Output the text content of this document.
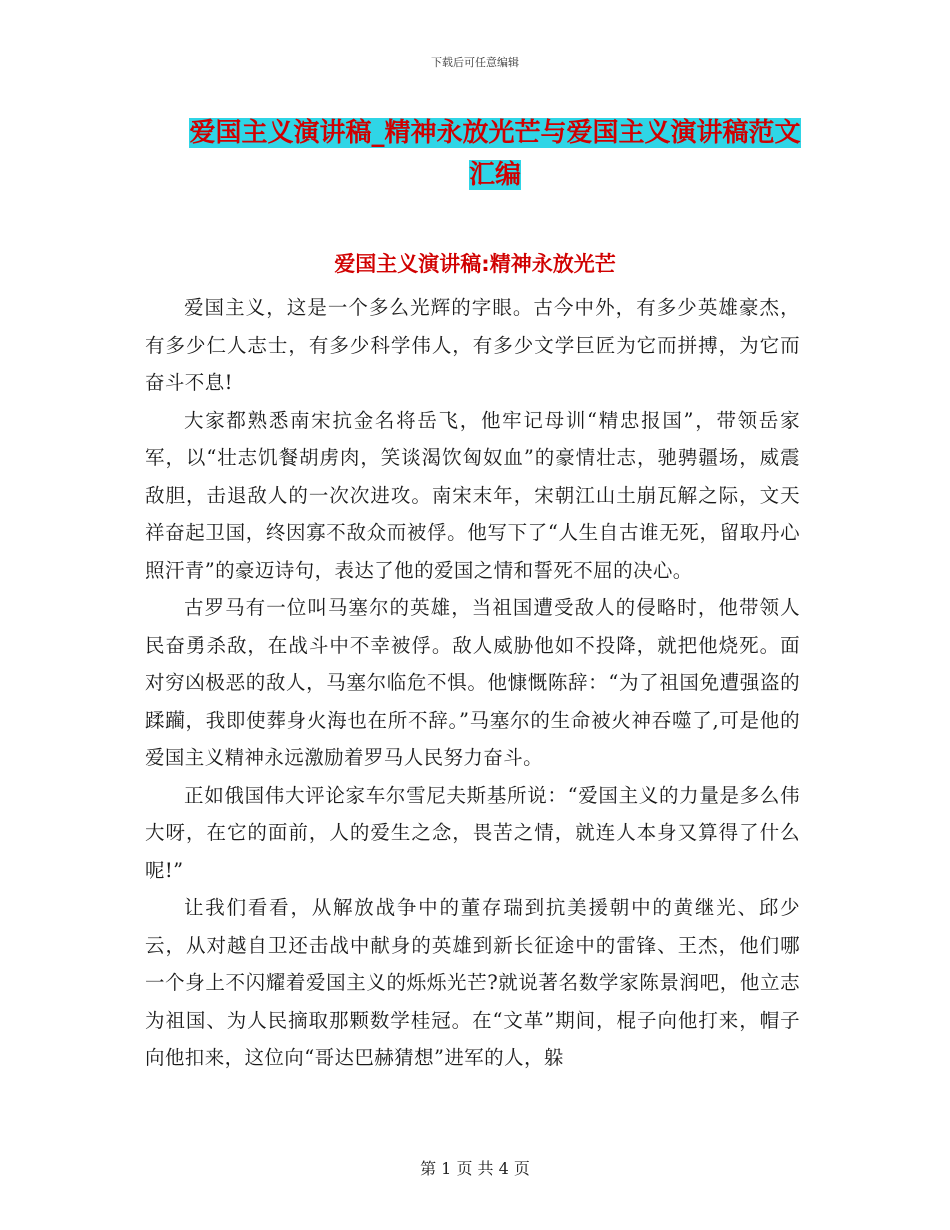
下载后可任意编辑
爱国主义演讲稿_精神永放光芒与爱国主义演讲稿范文
汇编
爱国主义演讲稿:精神永放光芒

爱国主义，这是一个多么光辉的字眼。古今中外，有多少英雄豪杰，有多少仁人志士，有多少科学伟人，有多少文学巨匠为它而拼搏，为它而奋斗不息!

大家都熟悉南宋抗金名将岳飞，他牢记母训“精忠报国”，带领岳家军，以“壮志饥餐胡虏肉，笑谈渴饮匈奴血”的豪情壮志，驰骋疆场，威震敌胆，击退敌人的一次次进攻。南宋末年，宋朝江山土崩瓦解之际，文天祥奋起卫国，终因寡不敌众而被俘。他写下了“人生自古谁无死，留取丹心照汗青”的豪迈诗句，表达了他的爱国之情和誓死不屈的决心。

古罗马有一位叫马塞尔的英雄，当祖国遭受敌人的侵略时，他带领人民奋勇杀敌，在战斗中不幸被俘。敌人威胁他如不投降，就把他烧死。面对穷凶极恶的敌人，马塞尔临危不惧。他慷慨陈辞：“为了祖国免遭强盗的蹂躏，我即使葬身火海也在所不辞。”马塞尔的生命被火神吞噬了,可是他的爱国主义精神永远激励着罗马人民努力奋斗。

正如俄国伟大评论家车尔雪尼夫斯基所说：“爱国主义的力量是多么伟大呀，在它的面前，人的爱生之念，畏苦之情，就连人本身又算得了什么呢!”

让我们看看，从解放战争中的董存瑞到抗美援朝中的黄继光、邱少云，从对越自卫还击战中献身的英雄到新长征途中的雷锋、王杰，他们哪一个身上不闪耀着爱国主义的烁烁光芒?就说著名数学家陈景润吧，他立志为祖国、为人民摘取那颗数学桂冠。在“文革”期间，棍子向他打来，帽子向他扣来，这位向“哥达巴赫猜想”进军的人，躲

第 1 页 共 4 页
